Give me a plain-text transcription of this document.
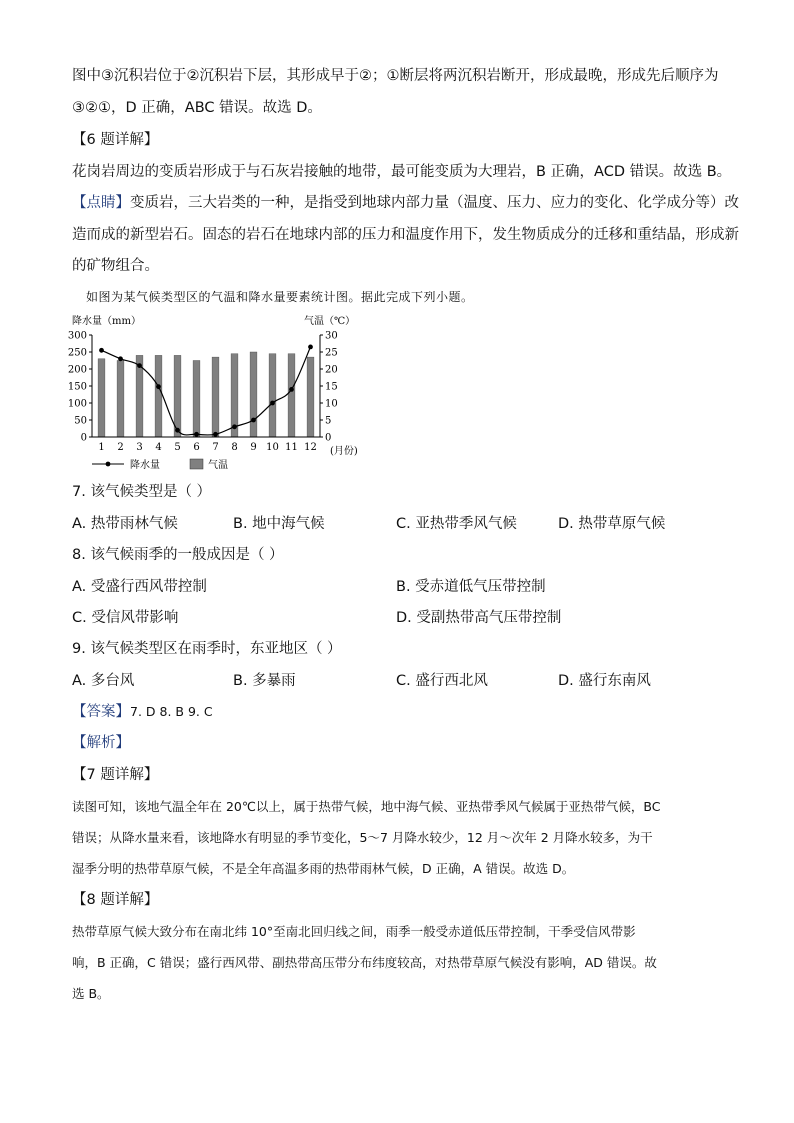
图中③沉积岩位于②沉积岩下层，其形成早于②；①断层将两沉积岩断开，形成最晚，形成先后顺序为
③②①，D 正确，ABC 错误。故选 D。
【6 题详解】
花岗岩周边的变质岩形成于与石灰岩接触的地带，最可能变质为大理岩，B 正确，ACD 错误。故选 B。
【点睛】变质岩，三大岩类的一种，是指受到地球内部力量（温度、压力、应力的变化、化学成分等）改
造而成的新型岩石。固态的岩石在地球内部的压力和温度作用下，发生物质成分的迁移和重结晶，形成新
的矿物组合。
如图为某气候类型区的气温和降水量要素统计图。据此完成下列小题。
降水量（mm）	气温（℃）
0
50
100
150
200
250
300
0
5
10
15
20
25
30
1 2 3 4 5 6 7 8 9 10 11 12 (月份)
降水量	气温
7. 该气候类型是（ ）
A. 热带雨林气候	B. 地中海气候	C. 亚热带季风气候	D. 热带草原气候
8. 该气候雨季的一般成因是（ ）
A. 受盛行西风带控制	B. 受赤道低气压带控制
C. 受信风带影响	D. 受副热带高气压带控制
9. 该气候类型区在雨季时，东亚地区（ ）
A. 多台风	B. 多暴雨	C. 盛行西北风	D. 盛行东南风
【答案】7. D 8. B 9. C
【解析】
【7 题详解】
读图可知，该地气温全年在 20℃以上，属于热带气候，地中海气候、亚热带季风气候属于亚热带气候，BC
错误；从降水量来看，该地降水有明显的季节变化，5～7 月降水较少，12 月～次年 2 月降水较多，为干
湿季分明的热带草原气候，不是全年高温多雨的热带雨林气候，D 正确，A 错误。故选 D。
【8 题详解】
热带草原气候大致分布在南北纬 10°至南北回归线之间，雨季一般受赤道低压带控制，干季受信风带影
响，B 正确，C 错误；盛行西风带、副热带高压带分布纬度较高，对热带草原气候没有影响，AD 错误。故
选 B。
